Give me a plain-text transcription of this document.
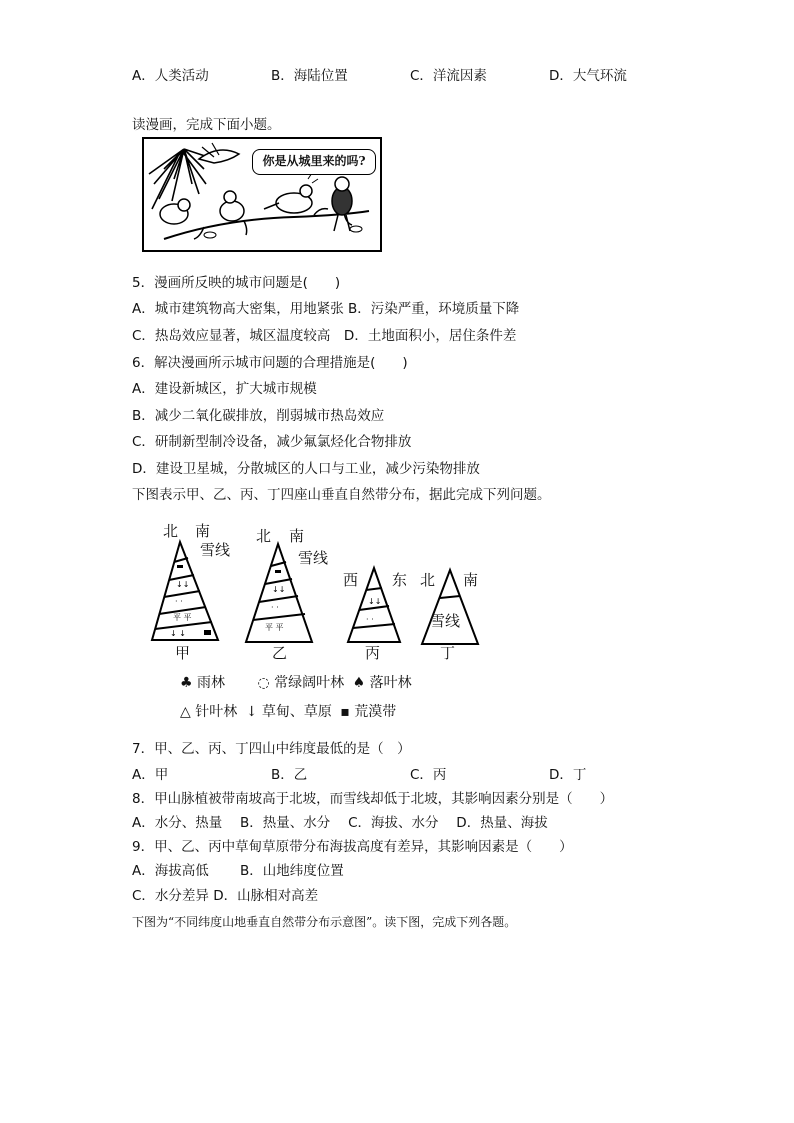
A．人类活动	B．海陆位置	C．洋流因素	D．大气环流
读漫画，完成下面小题。
你是从城里来的吗?
5．漫画所反映的城市问题是(　　)
A．城市建筑物高大密集，用地紧张 B．污染严重，环境质量下降
C．热岛效应显著，城区温度较高　D．土地面积小，居住条件差
6．解决漫画所示城市问题的合理措施是(　　)
A．建设新城区，扩大城市规模
B．减少二氧化碳排放，削弱城市热岛效应
C．研制新型制冷设备，减少氟氯烃化合物排放
D．建设卫星城，分散城区的人口与工业，减少污染物排放
下图表示甲、乙、丙、丁四座山垂直自然带分布，据此完成下列问题。
↓↓
· ·
平 平
↓ ↓
↓↓
· ·
平 平
↓↓
· ·
北 南
雪线
甲
北 南
雪线
乙
西 东
丙
北 南
雪线
丁
♣ 雨林 ◌ 常绿阔叶林 ♠ 落叶林
△ 针叶林 ↓ 草甸、草原 ▪ 荒漠带
7．甲、乙、丙、丁四山中纬度最低的是（　）
A．甲	B．乙	C．丙	D．丁
8．甲山脉植被带南坡高于北坡，而雪线却低于北坡，其影响因素分别是（　　）
A．水分、热量　 B．热量、水分　 C．海拔、水分　 D．热量、海拔
9．甲、乙、丙中草甸草原带分布海拔高度有差异，其影响因素是（　　）
A．海拔高低　　 B．山地纬度位置
C．水分差异 D．山脉相对高差
下图为“不同纬度山地垂直自然带分布示意图”。读下图，完成下列各题。
